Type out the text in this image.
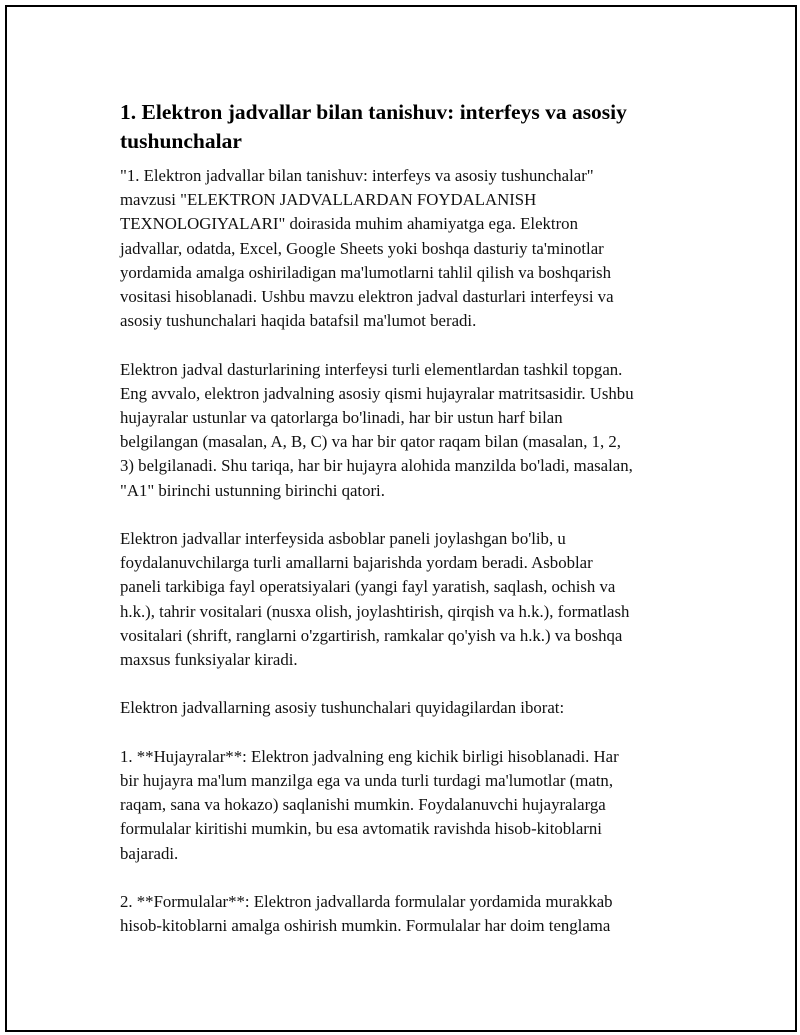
1. Elektron jadvallar bilan tanishuv: interfeys va asosiy
tushunchalar

"1. Elektron jadvallar bilan tanishuv: interfeys va asosiy tushunchalar"
mavzusi "ELEKTRON JADVALLARDAN FOYDALANISH
TEXNOLOGIYALARI" doirasida muhim ahamiyatga ega. Elektron
jadvallar, odatda, Excel, Google Sheets yoki boshqa dasturiy ta'minotlar
yordamida amalga oshiriladigan ma'lumotlarni tahlil qilish va boshqarish
vositasi hisoblanadi. Ushbu mavzu elektron jadval dasturlari interfeysi va
asosiy tushunchalari haqida batafsil ma'lumot beradi.

Elektron jadval dasturlarining interfeysi turli elementlardan tashkil topgan.
Eng avvalo, elektron jadvalning asosiy qismi hujayralar matritsasidir. Ushbu
hujayralar ustunlar va qatorlarga bo'linadi, har bir ustun harf bilan
belgilangan (masalan, A, B, C) va har bir qator raqam bilan (masalan, 1, 2,
3) belgilanadi. Shu tariqa, har bir hujayra alohida manzilda bo'ladi, masalan,
"A1" birinchi ustunning birinchi qatori.

Elektron jadvallar interfeysida asboblar paneli joylashgan bo'lib, u
foydalanuvchilarga turli amallarni bajarishda yordam beradi. Asboblar
paneli tarkibiga fayl operatsiyalari (yangi fayl yaratish, saqlash, ochish va
h.k.), tahrir vositalari (nusxa olish, joylashtirish, qirqish va h.k.), formatlash
vositalari (shrift, ranglarni o'zgartirish, ramkalar qo'yish va h.k.) va boshqa
maxsus funksiyalar kiradi.

Elektron jadvallarning asosiy tushunchalari quyidagilardan iborat:

1. **Hujayralar**: Elektron jadvalning eng kichik birligi hisoblanadi. Har
bir hujayra ma'lum manzilga ega va unda turli turdagi ma'lumotlar (matn,
raqam, sana va hokazo) saqlanishi mumkin. Foydalanuvchi hujayralarga
formulalar kiritishi mumkin, bu esa avtomatik ravishda hisob-kitoblarni
bajaradi.

2. **Formulalar**: Elektron jadvallarda formulalar yordamida murakkab
hisob-kitoblarni amalga oshirish mumkin. Formulalar har doim tenglama
